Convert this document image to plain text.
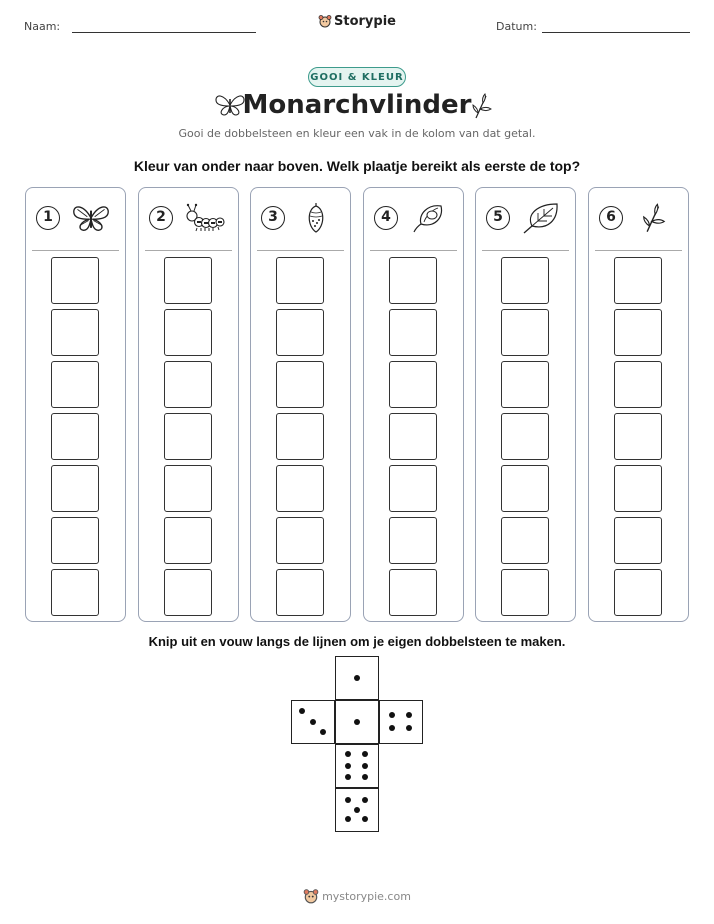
Naam:	Storypie	Datum:
GOOI & KLEUR
Monarchvlinder
Gooi de dobbelsteen en kleur een vak in de kolom van dat getal.
Kleur van onder naar boven. Welk plaatje bereikt als eerste de top?
1	2	3	4	5	6
Knip uit en vouw langs de lijnen om je eigen dobbelsteen te maken.
mystorypie.com
